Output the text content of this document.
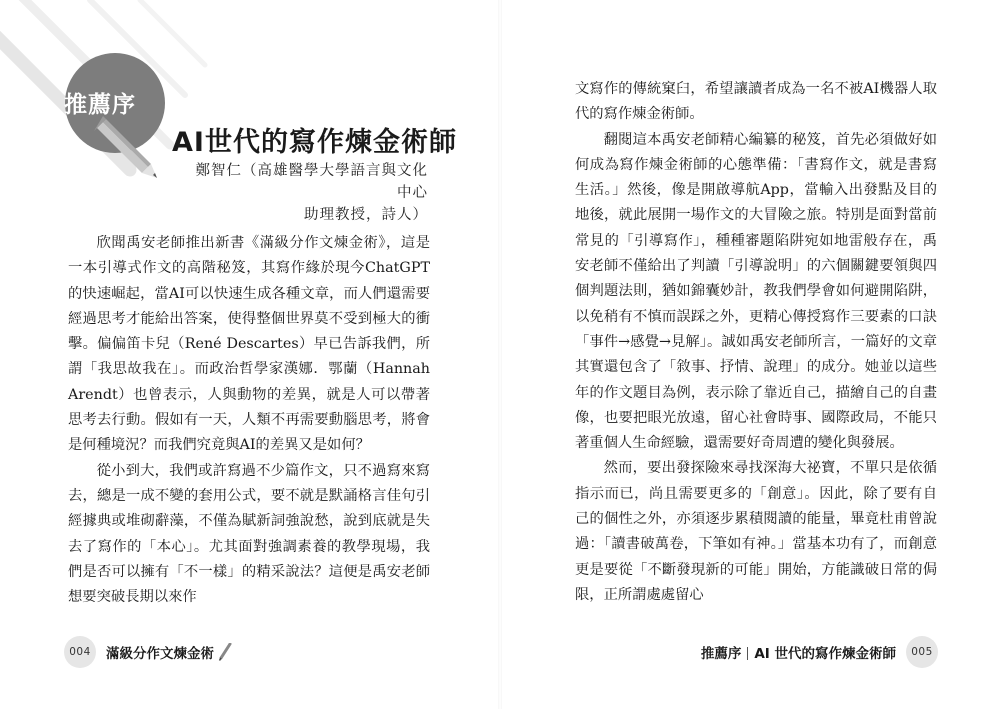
推薦序
AI世代的寫作煉金術師
鄭智仁（高雄醫學大學語言與文化中心
助理教授，詩人）

欣聞禹安老師推出新書《滿級分作文煉金術》，這是一本引導式作文的高階秘笈，其寫作緣於現今ChatGPT的快速崛起，當AI可以快速生成各種文章，而人們還需要經過思考才能給出答案，使得整個世界莫不受到極大的衝擊。偏偏笛卡兒（René Descartes）早已告訴我們，所謂「我思故我在」。而政治哲學家漢娜．鄂蘭（Hannah Arendt）也曾表示，人與動物的差異，就是人可以帶著思考去行動。假如有一天，人類不再需要動腦思考，將會是何種境況？而我們究竟與AI的差異又是如何？

從小到大，我們或許寫過不少篇作文，只不過寫來寫去，總是一成不變的套用公式，要不就是默誦格言佳句引經據典或堆砌辭藻，不僅為賦新詞強說愁，說到底就是失去了寫作的「本心」。尤其面對強調素養的教學現場，我們是否可以擁有「不一樣」的精采說法？這便是禹安老師想要突破長期以來作

004	滿級分作文煉金術

文寫作的傳統窠臼，希望讓讀者成為一名不被AI機器人取代的寫作煉金術師。

翻閱這本禹安老師精心編纂的秘笈，首先必須做好如何成為寫作煉金術師的心態準備：「書寫作文，就是書寫生活。」然後，像是開啟導航App，當輸入出發點及目的地後，就此展開一場作文的大冒險之旅。特別是面對當前常見的「引導寫作」，種種審題陷阱宛如地雷般存在，禹安老師不僅給出了判讀「引導說明」的六個關鍵要領與四個判題法則，猶如錦囊妙計，教我們學會如何避開陷阱，以免稍有不慎而誤踩之外，更精心傳授寫作三要素的口訣「事件→感覺→見解」。誠如禹安老師所言，一篇好的文章其實還包含了「敘事、抒情、說理」的成分。她並以這些年的作文題目為例，表示除了靠近自己，描繪自己的自畫像，也要把眼光放遠，留心社會時事、國際政局，不能只著重個人生命經驗，還需要好奇周遭的變化與發展。

然而，要出發探險來尋找深海大祕寶，不單只是依循指示而已，尚且需要更多的「創意」。因此，除了要有自己的個性之外，亦須逐步累積閱讀的能量，畢竟杜甫曾說過：「讀書破萬卷，下筆如有神。」當基本功有了，而創意更是要從「不斷發現新的可能」開始，方能識破日常的侷限，正所謂處處留心

推薦序 AI 世代的寫作煉金術師	005
